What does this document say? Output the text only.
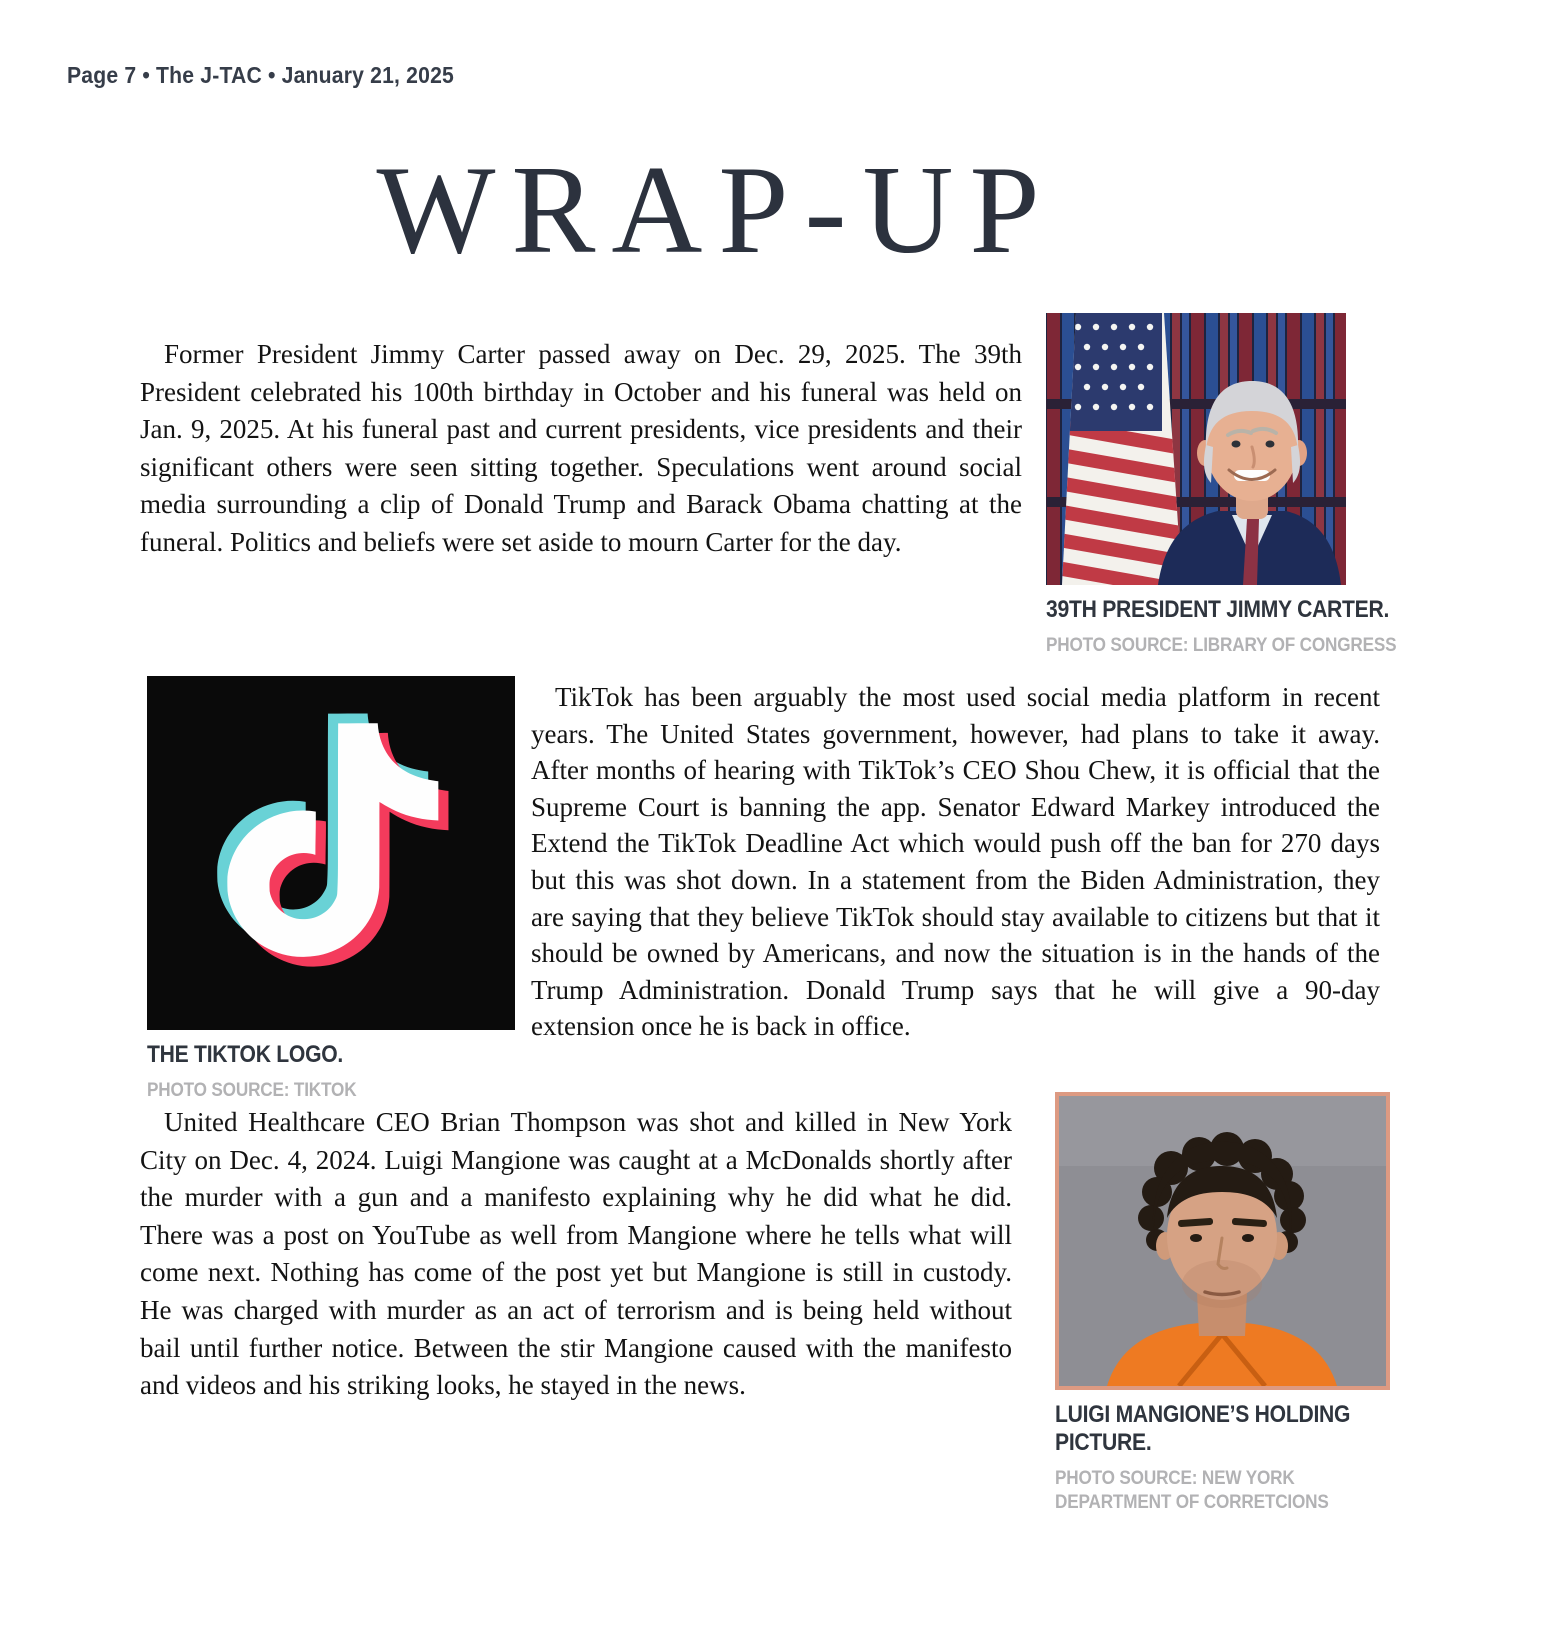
Page 7 • The J-TAC • January 21, 2025
WRAP-UP

Former President Jimmy Carter passed away on Dec. 29, 2025. The 39th President celebrated his 100th birthday in October and his funeral was held on Jan. 9, 2025. At his funeral past and current presidents, vice presidents and their significant others were seen sitting together. Speculations went around social media surrounding a clip of Donald Trump and Barack Obama chatting at the funeral. Politics and beliefs were set aside to mourn Carter for the day.

39TH PRESIDENT JIMMY CARTER.
PHOTO SOURCE: LIBRARY OF CONGRESS
THE TIKTOK LOGO.
PHOTO SOURCE: TIKTOK

TikTok has been arguably the most used social media platform in recent years. The United States government, however, had plans to take it away. After months of hearing with TikTok’s CEO Shou Chew, it is official that the Supreme Court is banning the app. Senator Edward Markey introduced the Extend the TikTok Deadline Act which would push off the ban for 270 days but this was shot down. In a statement from the Biden Administration, they are saying that they believe TikTok should stay available to citizens but that it should be owned by Americans, and now the situation is in the hands of the Trump Administration. Donald Trump says that he will give a 90-day extension once he is back in office.

United Healthcare CEO Brian Thompson was shot and killed in New York City on Dec. 4, 2024. Luigi Mangione was caught at a McDonalds shortly after the murder with a gun and a manifesto explaining why he did what he did. There was a post on YouTube as well from Mangione where he tells what will come next. Nothing has come of the post yet but Mangione is still in custody. He was charged with murder as an act of terrorism and is being held without bail until further notice. Between the stir Mangione caused with the manifesto and videos and his striking looks, he stayed in the news.

LUIGI MANGIONE’S HOLDING PICTURE.
PHOTO SOURCE: NEW YORK DEPARTMENT OF CORRETCIONS
